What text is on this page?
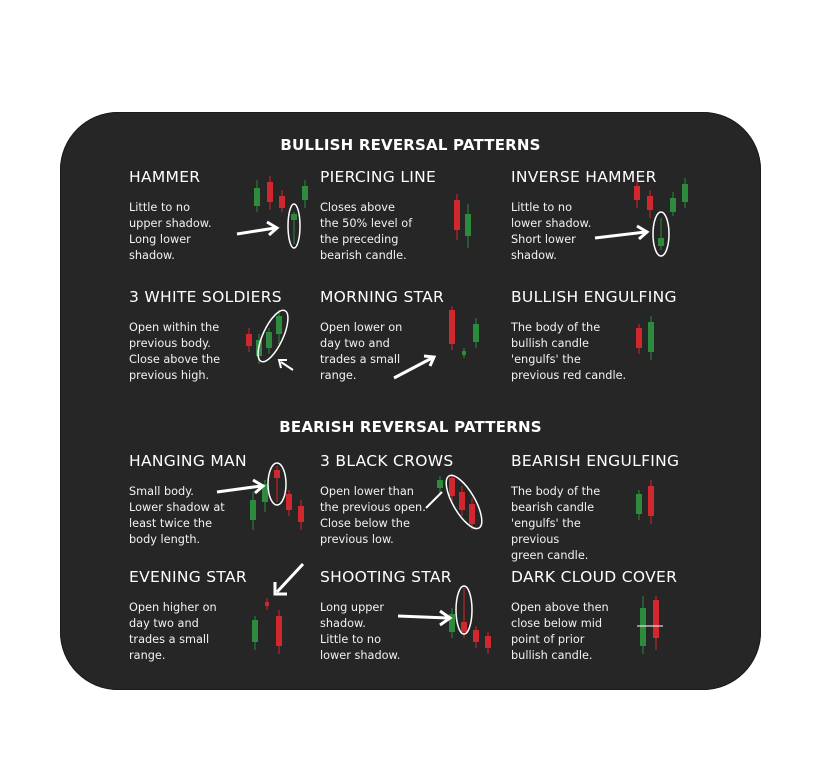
BULLISH REVERSAL PATTERNS
BEARISH REVERSAL PATTERNS
HAMMER
Little to no
upper shadow.
Long lower
shadow.
PIERCING LINE
Closes above
the 50% level of
the preceding
bearish candle.
INVERSE HAMMER
Little to no
lower shadow.
Short lower
shadow.
3 WHITE SOLDIERS
Open within the
previous body.
Close above the
previous high.
MORNING STAR
Open lower on
day two and
trades a small
range.
BULLISH ENGULFING
The body of the
bullish candle
'engulfs' the
previous red candle.
HANGING MAN
Small body.
Lower shadow at
least twice the
body length.
3 BLACK CROWS
Open lower than
the previous open.
Close below the
previous low.
BEARISH ENGULFING
The body of the
bearish candle
'engulfs' the previous
green candle.
EVENING STAR
Open higher on
day two and
trades a small
range.
SHOOTING STAR
Long upper
shadow.
Little to no
lower shadow.
DARK CLOUD COVER
Open above then
close below mid
point of prior
bullish candle.
